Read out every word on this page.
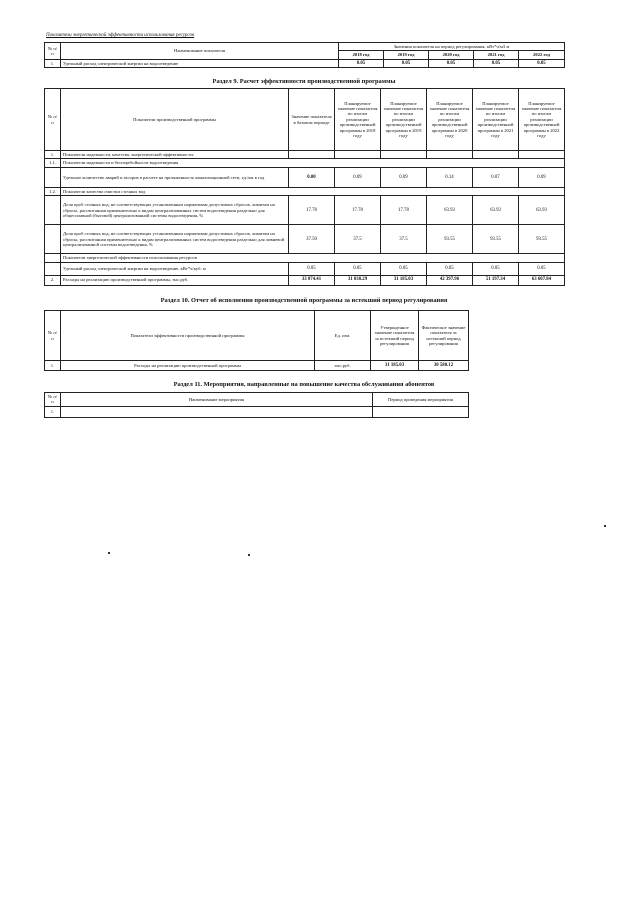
Показатели энергетической эффективности использования ресурсов
№ п/п	Наименование показателя	Значения показателя на период регулирования, кВт*ч/м3 м				
		2018 год	2019 год	2020 год	2021 год	2022 год
1.	Удельный расход электрической энергии на водоотведение	0.05	0.05	0.05	0.05	0.05
Раздел 9. Расчет эффективности производственной программы
№ п/п	Показатели производственной программы	Значение показателя в базовом периоде	Планируемое значение показателя по итогам реализации производственной программы в 2018 году	Планируемое значение показателя по итогам реализации производственной программы в 2019 году	Планируемое значение показателя по итогам реализации производственной программы в 2020 году	Планируемое значение показателя по итогам реализации производственной программы в 2021 году	Планируемое значение показателя по итогам реализации производственной программы в 2022 году
1.	Показатели надежности, качества, энергетической эффективности:						
1.1.	Показатели надежности и бесперебойности водоотведения						
	Удельное количество аварий и засоров в расчете на протяженность канализационной сети, ед./км в год	0.00	0.09	0.09	0.14	0.07	0.09
1.2.	Показатели качества очистки сточных вод						
	Доля проб сточных вод, не соответствующих установленным нормативам допустимых сбросов, лимитам на сбросы, рассчитанная применительно к видам централизованных систем водоотведения раздельно для общесплавной (бытовой) централизованной системы водоотведения, %	17.78	17.78	17.78	63.93	63.93	63.93
	Доля проб сточных вод, не соответствующих установленным нормативам допустимых сбросов, лимитам на сбросы, рассчитанная применительно к видам централизованных систем водоотведения раздельно для ливневой централизованной системы водоотведения, %	37.50	37.5	37.5	93.55	93.55	93.55
	Показатели энергетической эффективности использования ресурсов						
	Удельный расход электрической энергии на водоотведение, кВт*ч/куб. м	0.05	0.05	0.05	0.05	0.05	0.05
2.	Расходы на реализацию производственной программы, тыс.руб.	33 074.41	31 030.29	31 185.03	42 397.96	51 197.34	63 607.84
Раздел 10. Отчет об исполнении производственной программы за истекший период регулирования
№ п/п	Показатели эффективности производственной программы	Ед. изм.	Утвержденное значение показателя за истекший период регулирования	Фактическое значение показателя за истекший период регулирования
1.	Расходы на реализацию производственной программы	тыс.руб.	31 185.03	30 580.12
Раздел 11. Мероприятия, направленные на повышение качества обслуживания абонентов
№ п/п	Наименование мероприятия	Период проведения мероприятия
1.		
